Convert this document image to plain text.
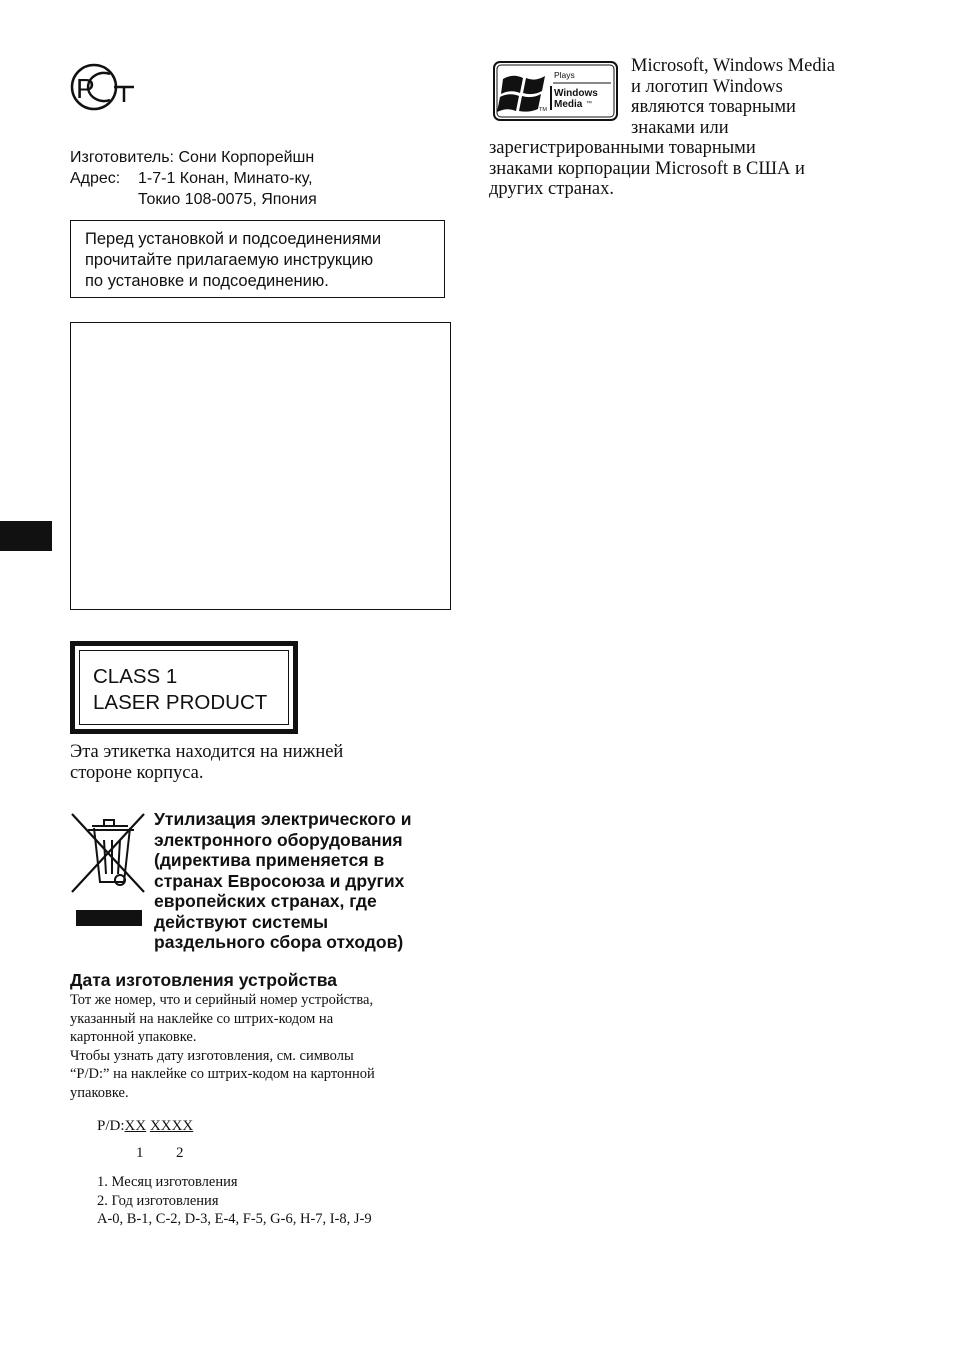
Р
Изготовитель: Сони Корпорейшн
Адрес: 1-7-1 Конан, Минато-ку,
Токио 108-0075, Япония
Перед установкой и подсоединениями
прочитайте прилагаемую инструкцию
по установке и подсоединению.
CLASS 1
LASER PRODUCT
Эта этикетка находится на нижней
стороне корпуса.
Утилизация электрического и
электронного оборудования
(директива применяется в
странах Евросоюза и других
европейских странах, где
действуют системы
раздельного сбора отходов)
Дата изготовления устройства
Тот же номер, что и серийный номер устройства,
указанный на наклейке со штрих-кодом на
картонной упаковке.
Чтобы узнать дату изготовления, см. символы
“P/D:” на наклейке со штрих-кодом на картонной
упаковке.
P/D:XX XXXX
1 2
1. Месяц изготовления
2. Год изготовления
A-0, B-1, C-2, D-3, E-4, F-5, G-6, H-7, I-8, J-9
Plays
Windows
Media ™
TM
Microsoft, Windows Media
и логотип Windows
являются товарными
знаками или
зарегистрированными товарными
знаками корпорации Microsoft в США и
других странах.
